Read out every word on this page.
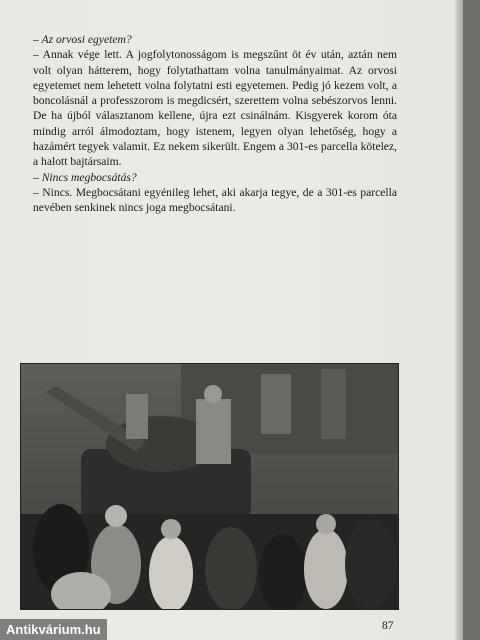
– Az orvosi egyetem?

– Annak vége lett. A jogfolytonosságom is megszűnt öt év után, aztán nem volt olyan hátterem, hogy folytathattam volna tanulmányaimat. Az orvosi egyetemet nem lehetett volna folytatni esti egyetemen. Pedig jó kezem volt, a boncolásnál a professzorom is megdicsért, szerettem volna sebészorvos lenni. De ha újból választanom kellene, újra ezt csinálnám. Kisgyerek korom óta mindig arról álmodoztam, hogy istenem, legyen olyan lehetőség, hogy a hazámért tegyek valamit. Ez nekem sikerült. Engem a 301-es parcella kötelez, a halott bajtársaim.

– Nincs megbocsátás?

– Nincs. Megbocsátani egyénileg lehet, aki akarja tegye, de a 301-es parcella nevében senkinek nincs joga megbocsátani.

87
Antikvárium.hu
